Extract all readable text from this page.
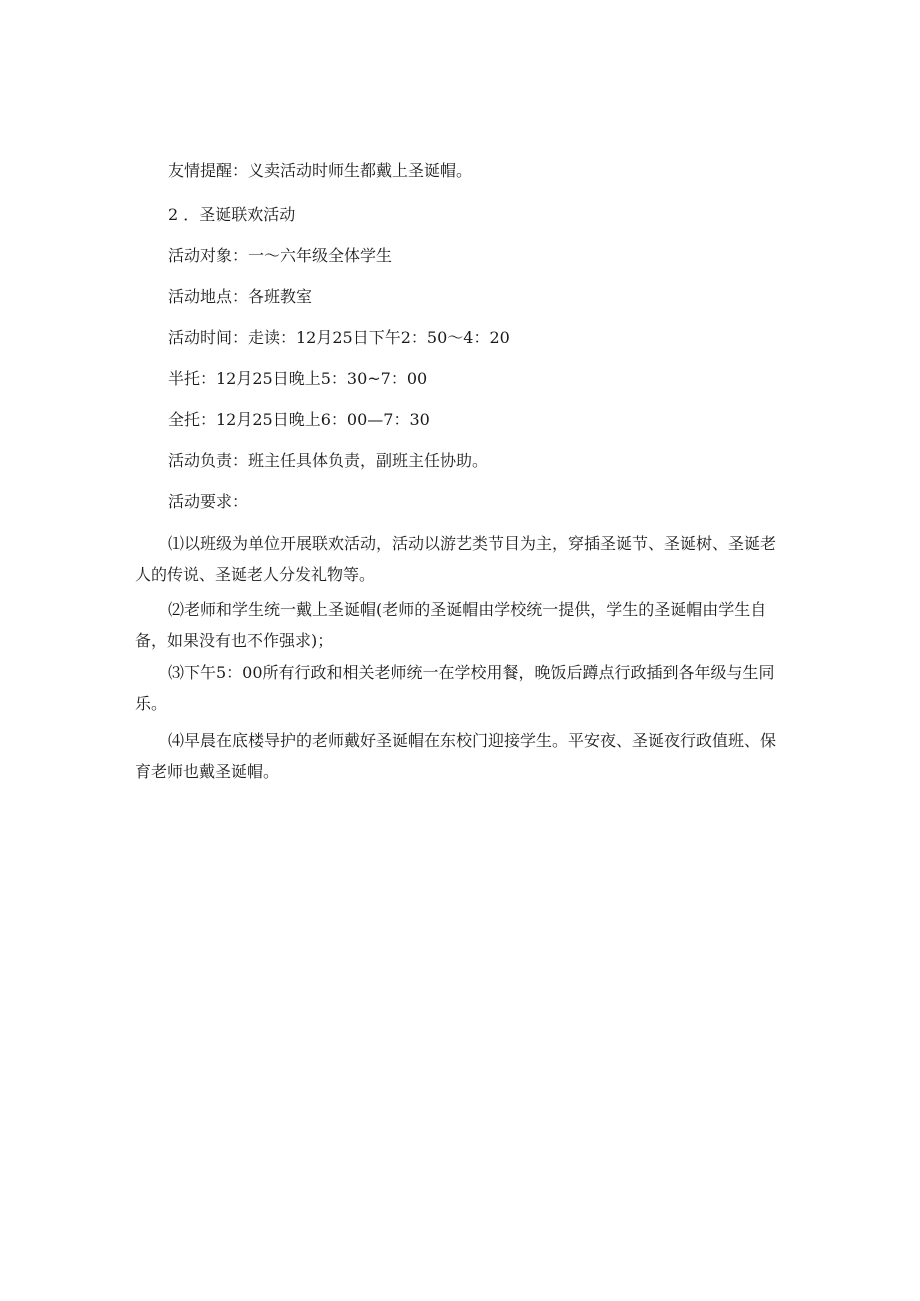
友情提醒：义卖活动时师生都戴上圣诞帽。
2 ．圣诞联欢活动
活动对象：一～六年级全体学生
活动地点：各班教室
活动时间：走读：12月25日下午2：50～4：20
半托：12月25日晚上5：30~7：00
全托：12月25日晚上6：00—7：30
活动负责：班主任具体负责，副班主任协助。
活动要求：

⑴以班级为单位开展联欢活动，活动以游艺类节目为主，穿插圣诞节、圣诞树、圣诞老人的传说、圣诞老人分发礼物等。

⑵老师和学生统一戴上圣诞帽(老师的圣诞帽由学校统一提供，学生的圣诞帽由学生自备，如果没有也不作强求)；

⑶下午5：00所有行政和相关老师统一在学校用餐，晚饭后蹲点行政插到各年级与生同乐。

⑷早晨在底楼导护的老师戴好圣诞帽在东校门迎接学生。平安夜、圣诞夜行政值班、保育老师也戴圣诞帽。
